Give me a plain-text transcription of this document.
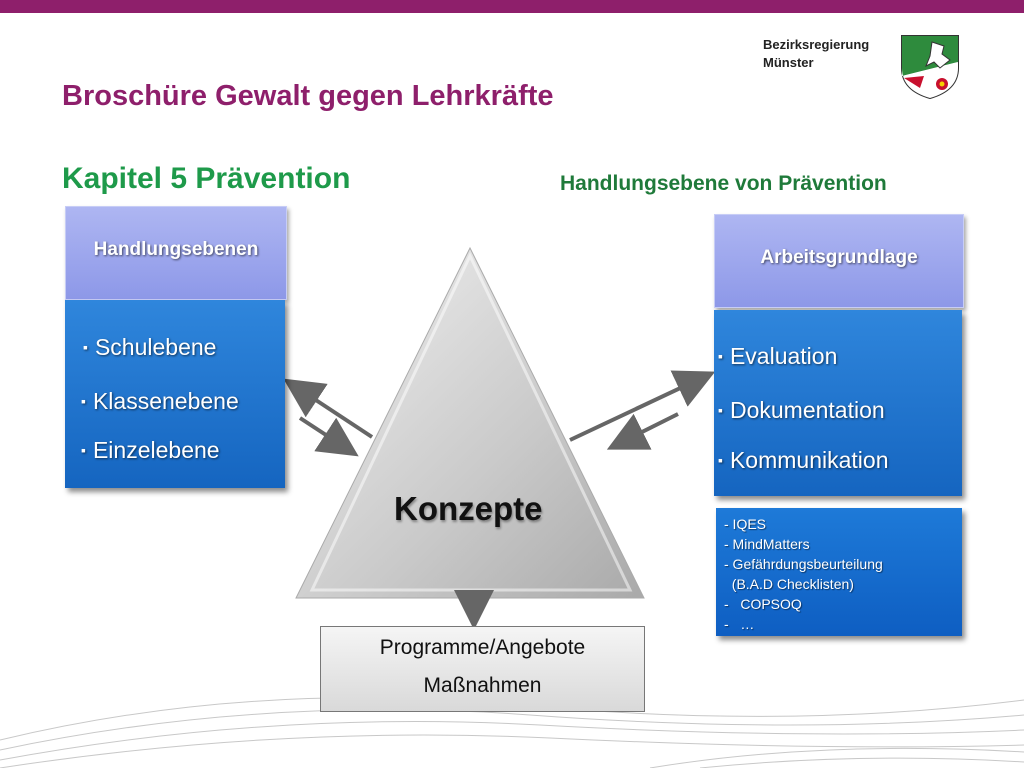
Bezirksregierung
Münster
Broschüre Gewalt gegen Lehrkräfte
Kapitel 5 Prävention	Handlungsebene von Prävention
Konzepte
Handlungsebenen
▪ Schulebene
▪ Klassenebene
▪ Einzelebene
Arbeitsgrundlage
▪ Evaluation
▪ Dokumentation
▪ Kommunikation
- IQES
- MindMatters
- Gefährdungsbeurteilung
(B.A.D Checklisten)
-   COPSOQ
-   …
Programme/Angebote
Maßnahmen
